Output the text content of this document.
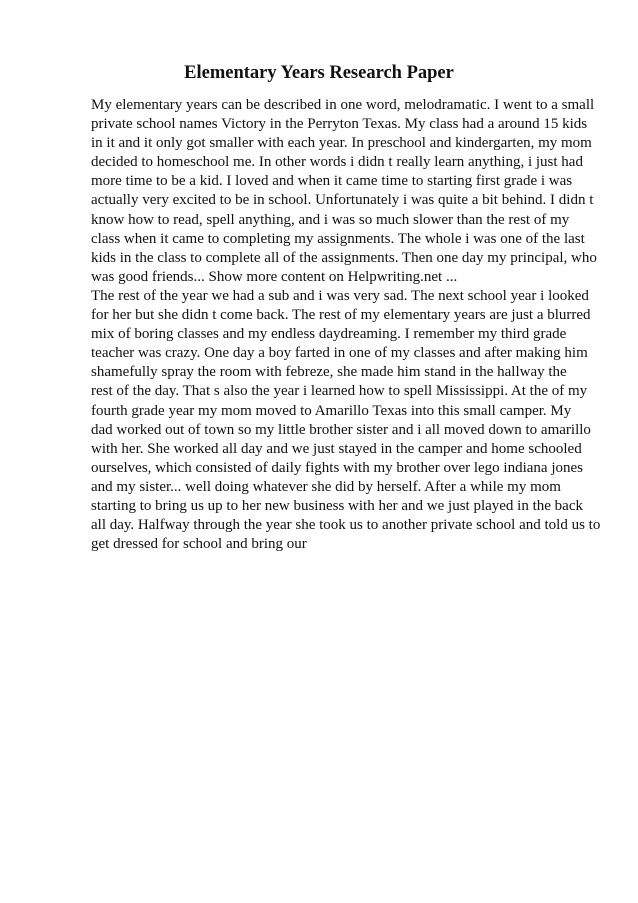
Elementary Years Research Paper
My elementary years can be described in one word, melodramatic. I went to a small
private school names Victory in the Perryton Texas. My class had a around 15 kids
in it and it only got smaller with each year. In preschool and kindergarten, my mom
decided to homeschool me. In other words i didn t really learn anything, i just had
more time to be a kid. I loved and when it came time to starting first grade i was
actually very excited to be in school. Unfortunately i was quite a bit behind. I didn t
know how to read, spell anything, and i was so much slower than the rest of my
class when it came to completing my assignments. The whole i was one of the last
kids in the class to complete all of the assignments. Then one day my principal, who
was good friends... Show more content on Helpwriting.net ...
The rest of the year we had a sub and i was very sad. The next school year i looked
for her but she didn t come back. The rest of my elementary years are just a blurred
mix of boring classes and my endless daydreaming. I remember my third grade
teacher was crazy. One day a boy farted in one of my classes and after making him
shamefully spray the room with febreze, she made him stand in the hallway the
rest of the day. That s also the year i learned how to spell Mississippi. At the of my
fourth grade year my mom moved to Amarillo Texas into this small camper. My
dad worked out of town so my little brother sister and i all moved down to amarillo
with her. She worked all day and we just stayed in the camper and home schooled
ourselves, which consisted of daily fights with my brother over lego indiana jones
and my sister... well doing whatever she did by herself. After a while my mom
starting to bring us up to her new business with her and we just played in the back
all day. Halfway through the year she took us to another private school and told us to
get dressed for school and bring our
